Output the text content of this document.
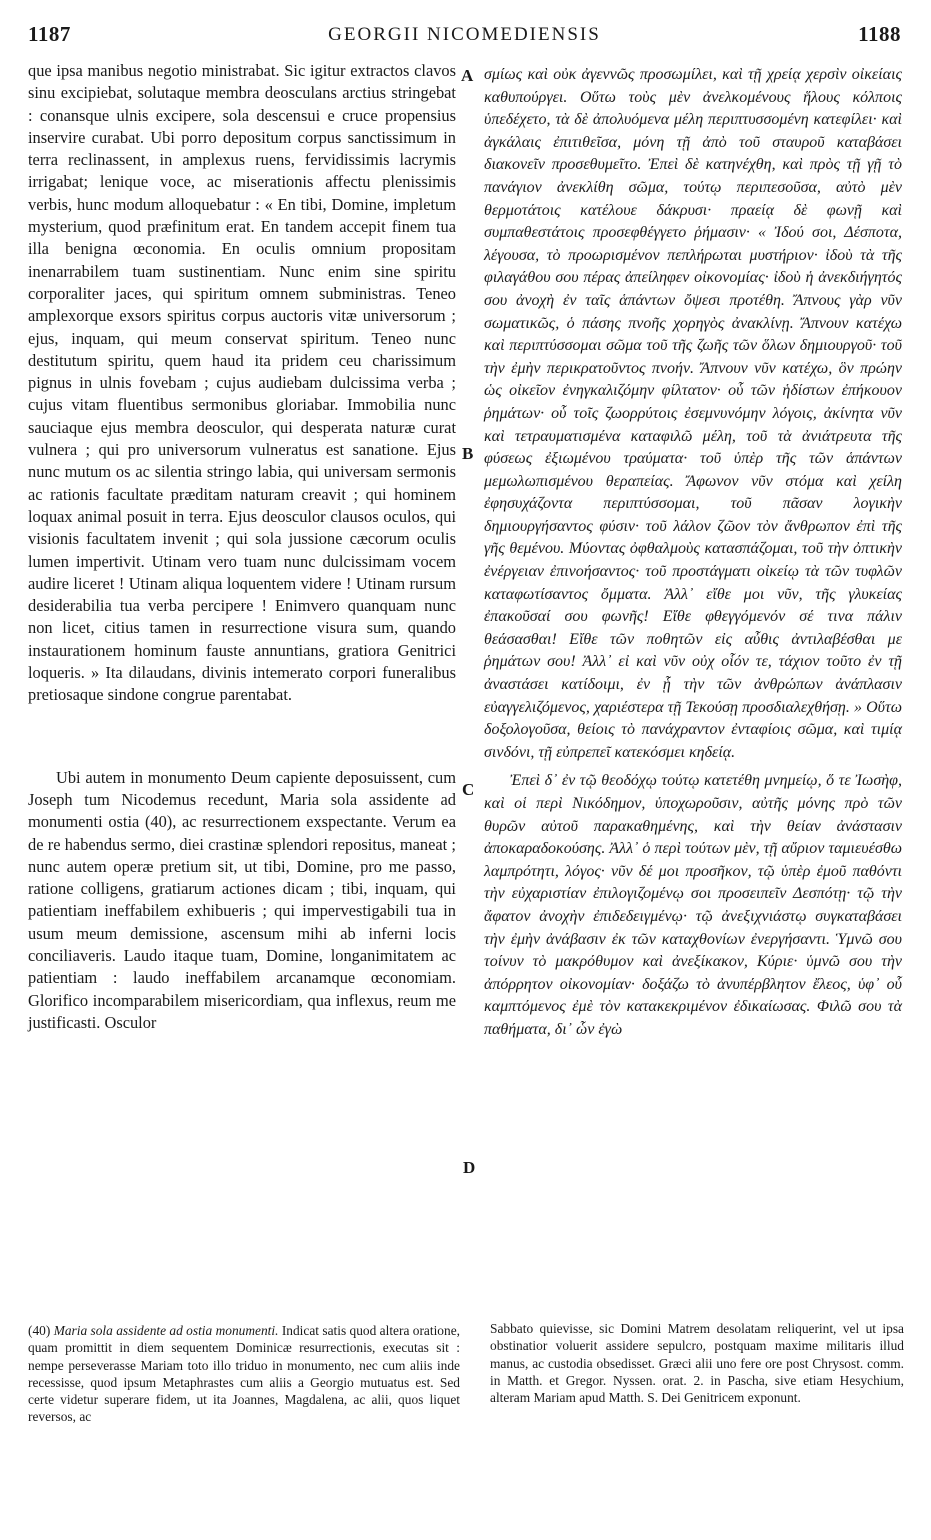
1187	GEORGII NICOMEDIENSIS	1188

que ipsa manibus negotio ministrabat. Sic igitur extractos clavos sinu excipiebat, solutaque membra deosculans arctius stringebat : conansque ulnis excipere, sola descensui e cruce propensius inservire curabat. Ubi porro depositum corpus sanctissimum in terra reclinassent, in amplexus ruens, fervidissimis lacrymis irrigabat; lenique voce, ac miserationis affectu plenissimis verbis, hunc modum alloquebatur : « En tibi, Domine, impletum mysterium, quod præfinitum erat. En tandem accepit finem tua illa benigna œconomia. En oculis omnium propositam inenarrabilem tuam sustinentiam. Nunc enim sine spiritu corporaliter jaces, qui spiritum omnem subministras. Teneo amplexorque exsors spiritus corpus auctoris vitæ universorum ; ejus, inquam, qui meum conservat spiritum. Teneo nunc destitutum spiritu, quem haud ita pridem ceu charissimum pignus in ulnis fovebam ; cujus audiebam dulcissima verba ; cujus vitam fluentibus sermonibus gloriabar. Immobilia nunc sauciaque ejus membra deosculor, qui desperata naturæ curat vulnera ; qui pro universorum vulneratus est sanatione. Ejus nunc mutum os ac silentia stringo labia, qui universam sermonis ac rationis facultate præditam naturam creavit ; qui hominem loquax animal posuit in terra. Ejus deosculor clausos oculos, qui visionis facultatem invenit ; qui sola jussione cæcorum oculis lumen impertivit. Utinam vero tuam nunc dulcissimam vocem audire liceret ! Utinam aliqua loquentem videre ! Utinam rursum desiderabilia tua verba percipere ! Enimvero quanquam nunc non licet, citius tamen in resurrectione visura sum, quando instaurationem hominum fauste annuntians, gratiora Genitrici loqueris. » Ita dilaudans, divinis intemerato corpori funeralibus pretiosaque sindone congrue parentabat.

Ubi autem in monumento Deum capiente deposuissent, cum Joseph tum Nicodemus recedunt, Maria sola assidente ad monumenti ostia (40), ac resurrectionem exspectante. Verum ea de re habendus sermo, diei crastinæ splendori repositus, maneat ; nunc autem operæ pretium sit, ut tibi, Domine, pro me passo, ratione colligens, gratiarum actiones dicam ; tibi, inquam, qui patientiam ineffabilem exhibueris ; qui impervestigabili tua in usum meum demissione, ascensum mihi ab inferni locis conciliaveris. Laudo itaque tuam, Domine, longanimitatem ac patientiam : laudo ineffabilem arcanamque œconomiam. Glorifico incomparabilem misericordiam, qua inflexus, reum me justificasti. Osculor

σμίως καὶ οὐκ ἀγεννῶς προσωμίλει, καὶ τῇ χρείᾳ χερσὶν οἰκείαις καθυπούργει. Οὕτω τοὺς μὲν ἀνελκομένους ἥλους κόλποις ὑπεδέχετο, τὰ δὲ ἀπολυόμενα μέλη περιπτυσσομένη κατεφίλει· καὶ ἀγκάλαις ἐπιτιθεῖσα, μόνη τῇ ἀπὸ τοῦ σταυροῦ καταβάσει διακονεῖν προσεθυμεῖτο. Ἐπεὶ δὲ κατηνέχθη, καὶ πρὸς τῇ γῇ τὸ πανάγιον ἀνεκλίθη σῶμα, τούτῳ περιπεσοῦσα, αὐτὸ μὲν θερμοτάτοις κατέλουε δάκρυσι· πραείᾳ δὲ φωνῇ καὶ συμπαθεστάτοις προσεφθέγγετο ῥήμασιν· « Ἰδού σοι, Δέσποτα, λέγουσα, τὸ προωρισμένον πεπλήρωται μυστήριον· ἰδοὺ τὰ τῆς φιλαγάθου σου πέρας ἀπείληφεν οἰκονομίας· ἰδοὺ ἡ ἀνεκδιήγητός σου ἀνοχὴ ἐν ταῖς ἁπάντων ὄψεσι προτέθη. Ἄπνους γὰρ νῦν σωματικῶς, ὁ πάσης πνοῆς χορηγὸς ἀνακλίνῃ. Ἄπνουν κατέχω καὶ περιπτύσσομαι σῶμα τοῦ τῆς ζωῆς τῶν ὅλων δημιουργοῦ· τοῦ τὴν ἐμὴν περικρατοῦντος πνοήν. Ἄπνουν νῦν κατέχω, ὃν πρώην ὡς οἰκεῖον ἐνηγκαλιζόμην φίλτατον· οὗ τῶν ἡδίστων ἐπήκουον ῥημάτων· οὗ τοῖς ζωορρύτοις ἐσεμνυνόμην λόγοις, ἀκίνητα νῦν καὶ τετραυματισμένα καταφιλῶ μέλη, τοῦ τὰ ἀνιάτρευτα τῆς φύσεως ἐξιωμένου τραύματα· τοῦ ὑπὲρ τῆς τῶν ἁπάντων μεμωλωπισμένου θεραπείας. Ἄφωνον νῦν στόμα καὶ χείλη ἐφησυχάζοντα περιπτύσσομαι, τοῦ πᾶσαν λογικὴν δημιουργήσαντος φύσιν· τοῦ λάλον ζῶον τὸν ἄνθρωπον ἐπὶ τῆς γῆς θεμένου. Μύοντας ὀφθαλμοὺς κατασπάζομαι, τοῦ τὴν ὀπτικὴν ἐνέργειαν ἐπινοήσαντος· τοῦ προστάγματι οἰκείῳ τὰ τῶν τυφλῶν καταφωτίσαντος ὄμματα. Ἀλλ᾽ εἴθε μοι νῦν, τῆς γλυκείας ἐπακοῦσαί σου φωνῆς! Εἴθε φθεγγόμενόν σέ τινα πάλιν θεάσασθαι! Εἴθε τῶν ποθητῶν εἰς αὖθις ἀντιλαβέσθαι με ῥημάτων σου! Ἀλλ᾽ εἰ καὶ νῦν οὐχ οἷόν τε, τάχιον τοῦτο ἐν τῇ ἀναστάσει κατίδοιμι, ἐν ᾗ τὴν τῶν ἀνθρώπων ἀνάπλασιν εὐαγγελιζόμενος, χαριέστερα τῇ Τεκούσῃ προσδιαλεχθήσῃ. » Οὕτω δοξολογοῦσα, θείοις τὸ πανάχραντον ἐνταφίοις σῶμα, καὶ τιμίᾳ σινδόνι, τῇ εὐπρεπεῖ κατεκόσμει κηδείᾳ.

Ἐπεὶ δ᾽ ἐν τῷ θεοδόχῳ τούτῳ κατετέθη μνημείῳ, ὅ τε Ἰωσὴφ, καὶ οἱ περὶ Νικόδημον, ὑποχωροῦσιν, αὐτῆς μόνης πρὸ τῶν θυρῶν αὐτοῦ παρακαθημένης, καὶ τὴν θείαν ἀνάστασιν ἀποκαραδοκούσης. Ἀλλ᾽ ὁ περὶ τούτων μὲν, τῇ αὔριον ταμιευέσθω λαμπρότητι, λόγος· νῦν δέ μοι προσῆκον, τῷ ὑπὲρ ἐμοῦ παθόντι τὴν εὐχαριστίαν ἐπιλογιζομένῳ σοι προσειπεῖν Δεσπότῃ· τῷ τὴν ἄφατον ἀνοχὴν ἐπιδεδειγμένῳ· τῷ ἀνεξιχνιάστῳ συγκαταβάσει τὴν ἐμὴν ἀνάβασιν ἐκ τῶν καταχθονίων ἐνεργήσαντι. Ὑμνῶ σου τοίνυν τὸ μακρόθυμον καὶ ἀνεξίκακον, Κύριε· ὑμνῶ σου τὴν ἀπόρρητον οἰκονομίαν· δοξάζω τὸ ἀνυπέρβλητον ἔλεος, ὑφ᾽ οὗ καμπτόμενος ἐμὲ τὸν κατακεκριμένον ἐδικαίωσας. Φιλῶ σου τὰ παθήματα, δι᾽ ὧν ἐγὼ

A
B
C
D
(40) Maria sola assidente ad ostia monumenti. Indicat satis quod altera oratione, quam promittit in diem sequentem Dominicæ resurrectionis, executas sit : nempe perseverasse Mariam toto illo triduo in monumento, nec cum aliis inde recessisse, quod ipsum Metaphrastes cum aliis a Georgio mutuatus est. Sed certe videtur superare fidem, ut ita Joannes, Magdalena, ac alii, quos liquet reversos, ac
Sabbato quievisse, sic Domini Matrem desolatam reliquerint, vel ut ipsa obstinatior voluerit assidere sepulcro, postquam maxime militaris illud manus, ac custodia obsedisset. Græci alii uno fere ore post Chrysost. comm. in Matth. et Gregor. Nyssen. orat. 2. in Pascha, sive etiam Hesychium, alteram Mariam apud Matth. S. Dei Genitricem exponunt.
